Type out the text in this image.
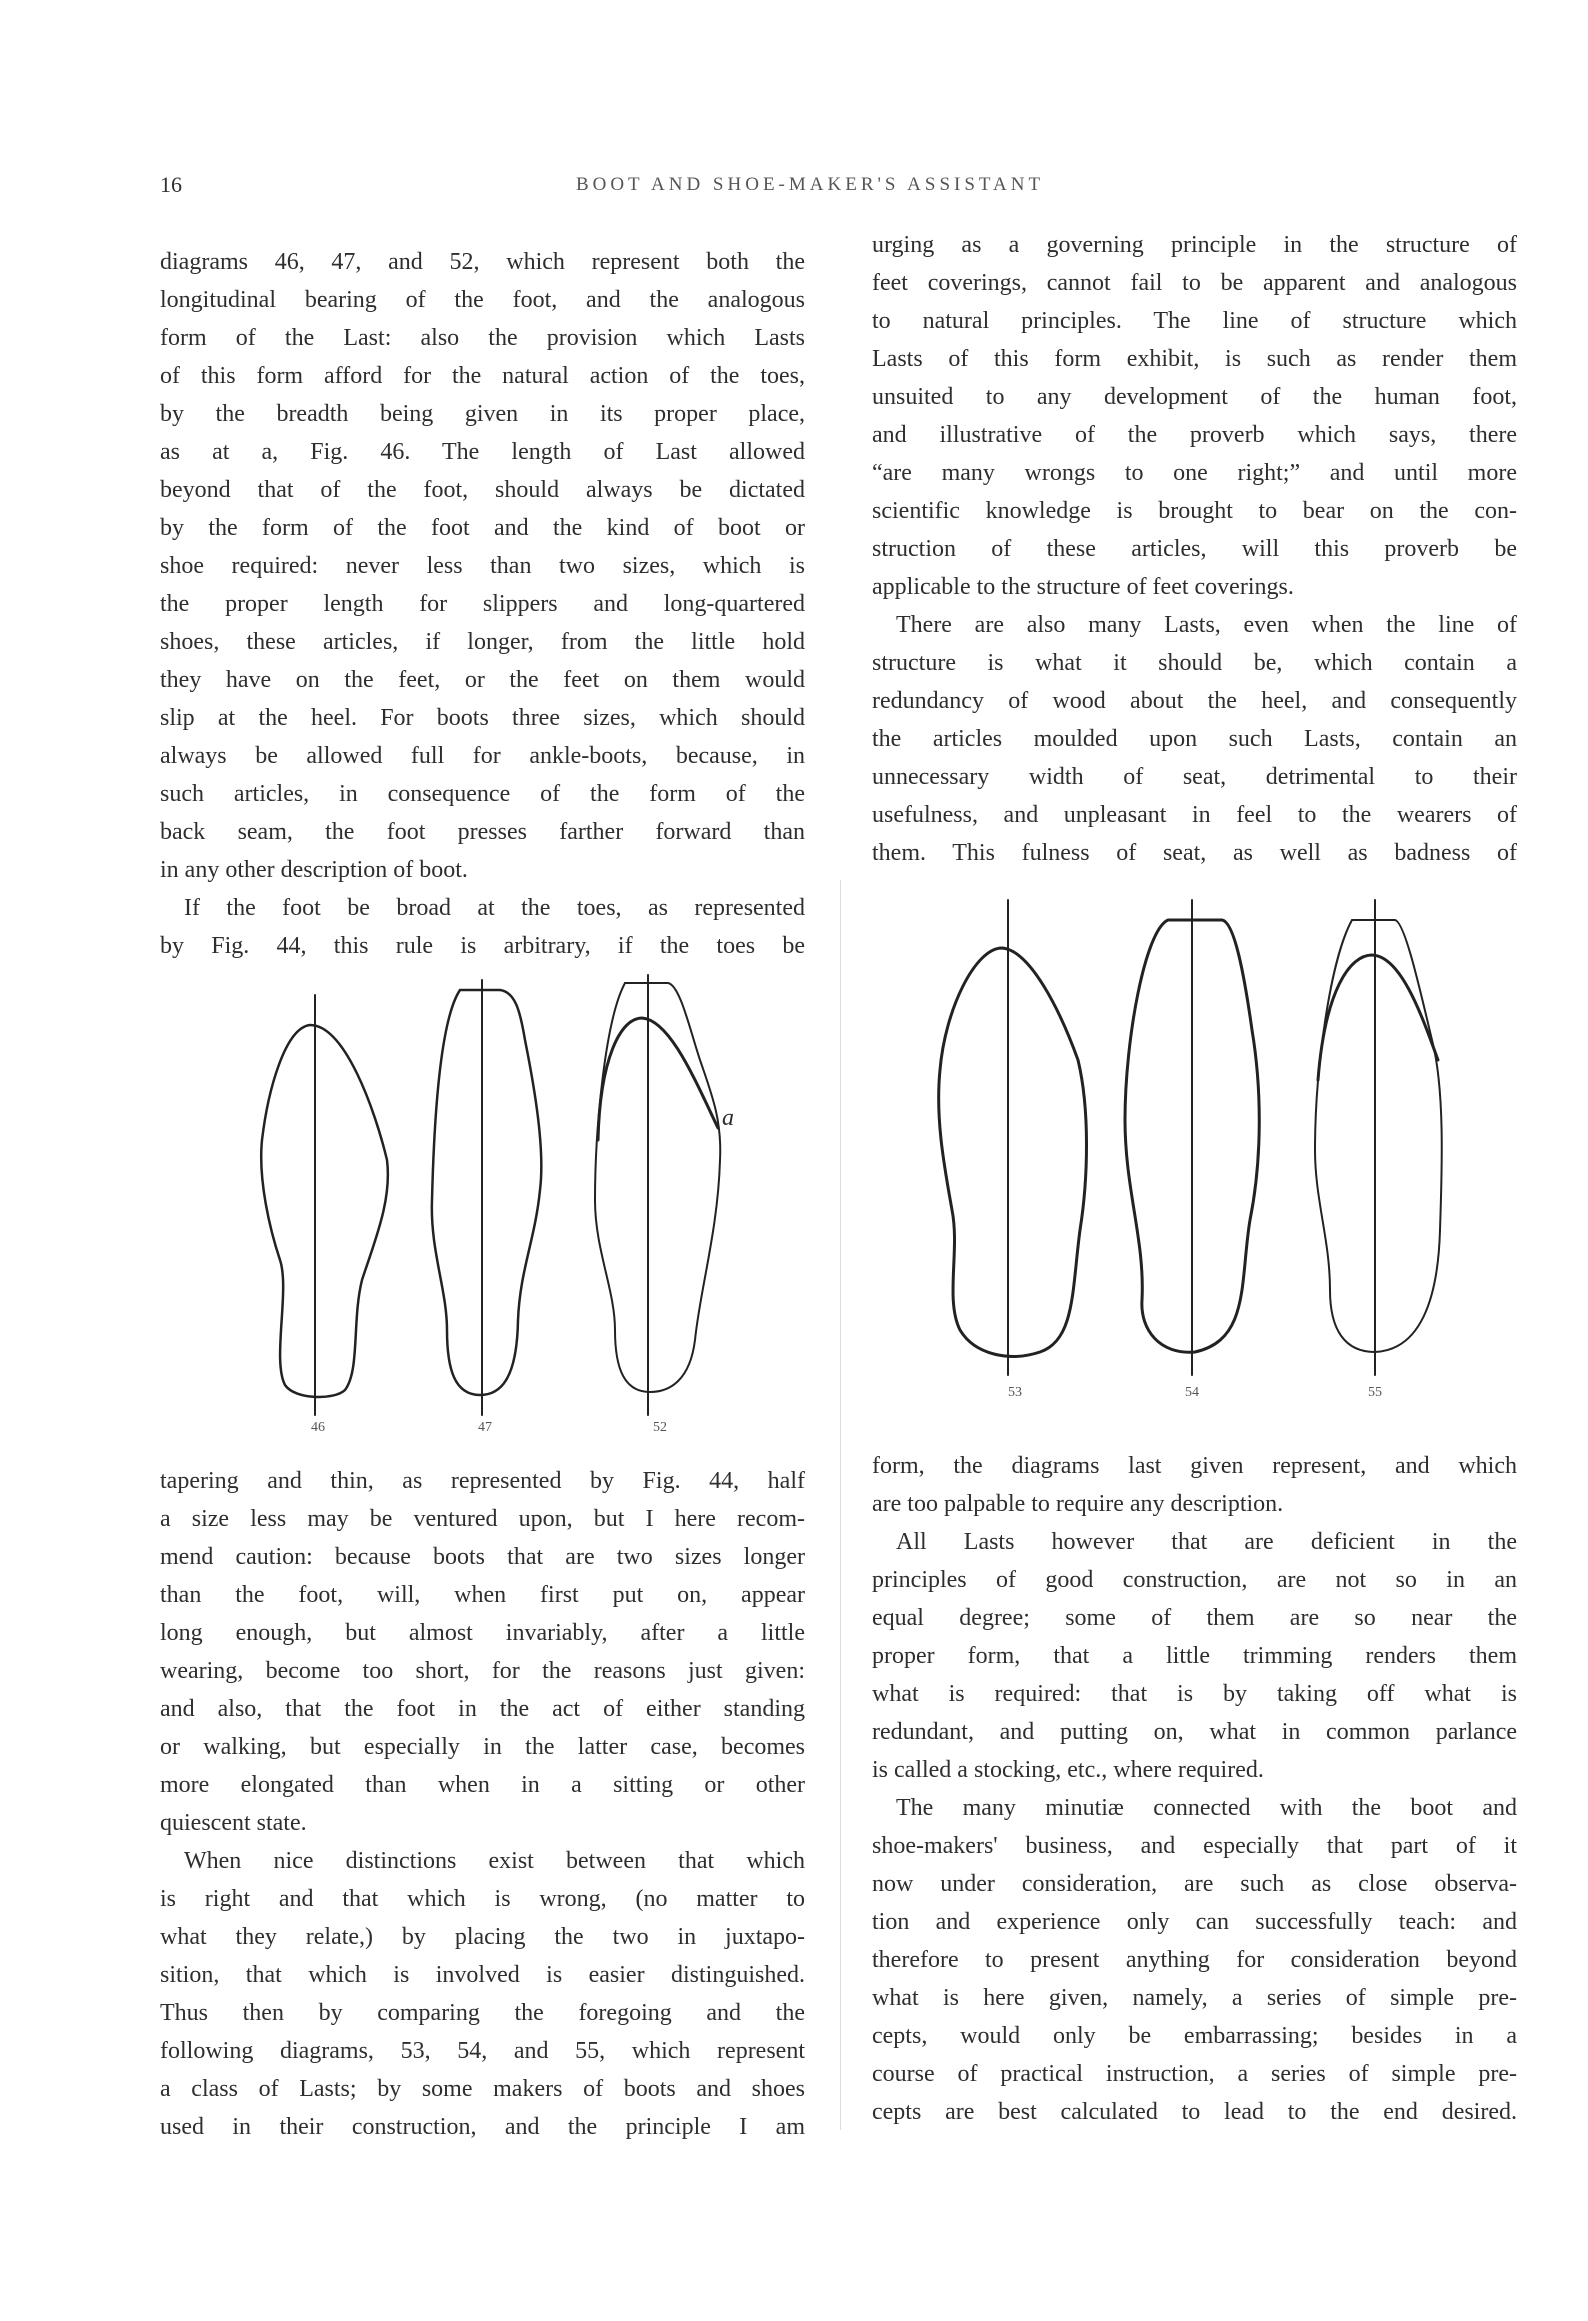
16	BOOT AND SHOE-MAKER'S ASSISTANT
diagrams 46, 47, and 52, which represent both the
longitudinal bearing of the foot, and the analogous
form of the Last: also the provision which Lasts
of this form afford for the natural action of the toes,
by the breadth being given in its proper place,
as at a, Fig. 46. The length of Last allowed
beyond that of the foot, should always be dictated
by the form of the foot and the kind of boot or
shoe required: never less than two sizes, which is
the proper length for slippers and long-quartered
shoes, these articles, if longer, from the little hold
they have on the feet, or the feet on them would
slip at the heel. For boots three sizes, which should
always be allowed full for ankle-boots, because, in
such articles, in consequence of the form of the
back seam, the foot presses farther forward than
in any other description of boot.
If the foot be broad at the toes, as represented
by Fig. 44, this rule is arbitrary, if the toes be
tapering and thin, as represented by Fig. 44, half
a size less may be ventured upon, but I here recom-
mend caution: because boots that are two sizes longer
than the foot, will, when first put on, appear
long enough, but almost invariably, after a little
wearing, become too short, for the reasons just given:
and also, that the foot in the act of either standing
or walking, but especially in the latter case, becomes
more elongated than when in a sitting or other
quiescent state.
When nice distinctions exist between that which
is right and that which is wrong, (no matter to
what they relate,) by placing the two in juxtapo-
sition, that which is involved is easier distinguished.
Thus then by comparing the foregoing and the
following diagrams, 53, 54, and 55, which represent
a class of Lasts; by some makers of boots and shoes
used in their construction, and the principle I am
urging as a governing principle in the structure of
feet coverings, cannot fail to be apparent and analogous
to natural principles. The line of structure which
Lasts of this form exhibit, is such as render them
unsuited to any development of the human foot,
and illustrative of the proverb which says, there
“are many wrongs to one right;” and until more
scientific knowledge is brought to bear on the con-
struction of these articles, will this proverb be
applicable to the structure of feet coverings.
There are also many Lasts, even when the line of
structure is what it should be, which contain a
redundancy of wood about the heel, and consequently
the articles moulded upon such Lasts, contain an
unnecessary width of seat, detrimental to their
usefulness, and unpleasant in feel to the wearers of
them. This fulness of seat, as well as badness of
form, the diagrams last given represent, and which
are too palpable to require any description.
All Lasts however that are deficient in the
principles of good construction, are not so in an
equal degree; some of them are so near the
proper form, that a little trimming renders them
what is required: that is by taking off what is
redundant, and putting on, what in common parlance
is called a stocking, etc., where required.
The many minutiæ connected with the boot and
shoe-makers' business, and especially that part of it
now under consideration, are such as close observa-
tion and experience only can successfully teach: and
therefore to present anything for consideration beyond
what is here given, namely, a series of simple pre-
cepts, would only be embarrassing; besides in a
course of practical instruction, a series of simple pre-
cepts are best calculated to lead to the end desired.
46	47	52
53	54	55
a
